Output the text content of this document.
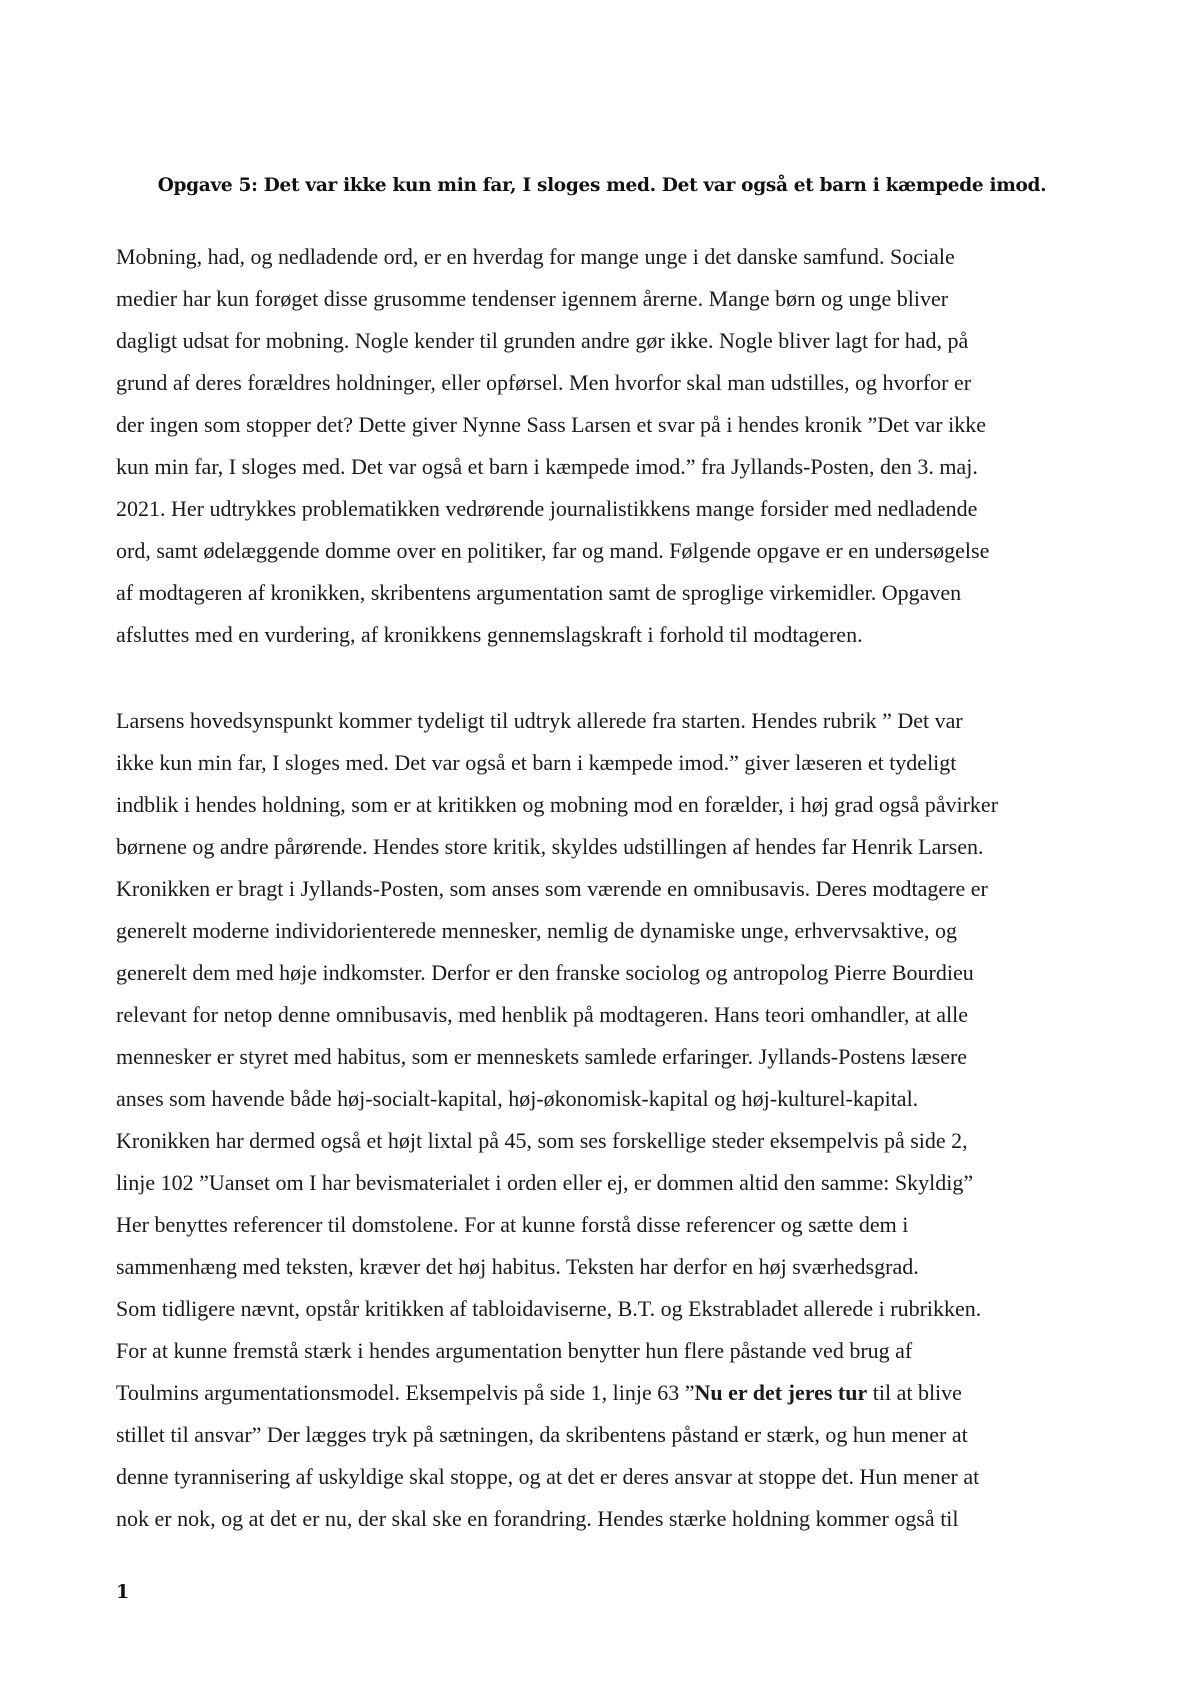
Opgave 5: Det var ikke kun min far, I sloges med. Det var også et barn i kæmpede imod.

Mobning, had, og nedladende ord, er en hverdag for mange unge i det danske samfund. Sociale
medier har kun forøget disse grusomme tendenser igennem årerne. Mange børn og unge bliver
dagligt udsat for mobning. Nogle kender til grunden andre gør ikke. Nogle bliver lagt for had, på
grund af deres forældres holdninger, eller opførsel. Men hvorfor skal man udstilles, og hvorfor er
der ingen som stopper det? Dette giver Nynne Sass Larsen et svar på i hendes kronik ”Det var ikke
kun min far, I sloges med. Det var også et barn i kæmpede imod.” fra Jyllands-Posten, den 3. maj.
2021. Her udtrykkes problematikken vedrørende journalistikkens mange forsider med nedladende
ord, samt ødelæggende domme over en politiker, far og mand. Følgende opgave er en undersøgelse
af modtageren af kronikken, skribentens argumentation samt de sproglige virkemidler. Opgaven
afsluttes med en vurdering, af kronikkens gennemslagskraft i forhold til modtageren.

Larsens hovedsynspunkt kommer tydeligt til udtryk allerede fra starten. Hendes rubrik ” Det var
ikke kun min far, I sloges med. Det var også et barn i kæmpede imod.” giver læseren et tydeligt
indblik i hendes holdning, som er at kritikken og mobning mod en forælder, i høj grad også påvirker
børnene og andre pårørende. Hendes store kritik, skyldes udstillingen af hendes far Henrik Larsen.
Kronikken er bragt i Jyllands-Posten, som anses som værende en omnibusavis. Deres modtagere er
generelt moderne individorienterede mennesker, nemlig de dynamiske unge, erhvervsaktive, og
generelt dem med høje indkomster. Derfor er den franske sociolog og antropolog Pierre Bourdieu
relevant for netop denne omnibusavis, med henblik på modtageren. Hans teori omhandler, at alle
mennesker er styret med habitus, som er menneskets samlede erfaringer. Jyllands-Postens læsere
anses som havende både høj-socialt-kapital, høj-økonomisk-kapital og høj-kulturel-kapital.
Kronikken har dermed også et højt lixtal på 45, som ses forskellige steder eksempelvis på side 2,
linje 102 ”Uanset om I har bevismaterialet i orden eller ej, er dommen altid den samme: Skyldig”
Her benyttes referencer til domstolene. For at kunne forstå disse referencer og sætte dem i
sammenhæng med teksten, kræver det høj habitus. Teksten har derfor en høj sværhedsgrad.
Som tidligere nævnt, opstår kritikken af tabloidaviserne, B.T. og Ekstrabladet allerede i rubrikken.
For at kunne fremstå stærk i hendes argumentation benytter hun flere påstande ved brug af
Toulmins argumentationsmodel. Eksempelvis på side 1, linje 63 ”Nu er det jeres tur til at blive
stillet til ansvar” Der lægges tryk på sætningen, da skribentens påstand er stærk, og hun mener at
denne tyrannisering af uskyldige skal stoppe, og at det er deres ansvar at stoppe det. Hun mener at
nok er nok, og at det er nu, der skal ske en forandring. Hendes stærke holdning kommer også til

1
